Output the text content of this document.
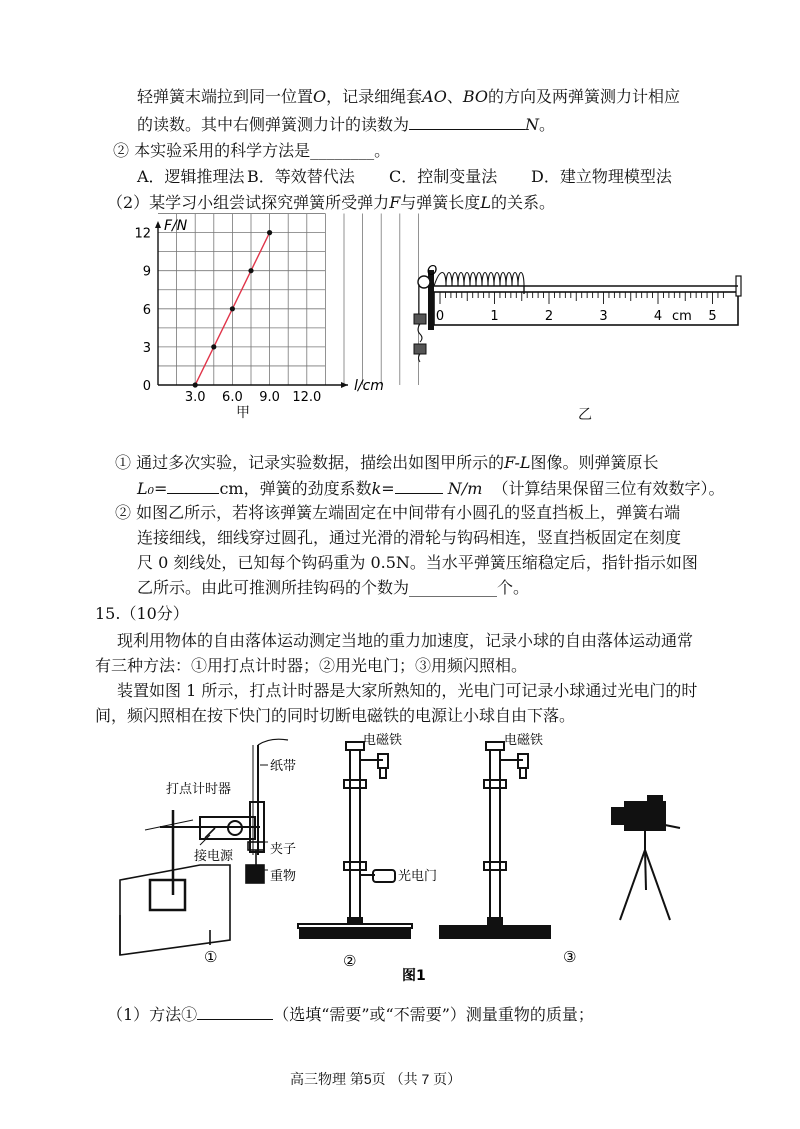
轻弹簧末端拉到同一位置O，记录细绳套AO、BO的方向及两弹簧测力计相应
的读数。其中右侧弹簧测力计的读数为	N。
② 本实验采用的科学方法是________。
A．逻辑推理法 B．等效替代法 C．控制变量法 D．建立物理模型法
（2）某学习小组尝试探究弹簧所受弹力F与弹簧长度L的关系。
0
3
6
9
12
3.0 6.0 9.0 12.0
F/N
l/cm
甲
0	1	2	3	4	5
O
cm
乙
① 通过多次实验，记录实验数据，描绘出如图甲所示的F-L图像。则弹簧原长
L₀=	cm，弹簧的劲度系数k=	N/m （计算结果保留三位有效数字）。
② 如图乙所示，若将该弹簧左端固定在中间带有小圆孔的竖直挡板上，弹簧右端
连接细线，细线穿过圆孔，通过光滑的滑轮与钩码相连，竖直挡板固定在刻度
尺 0 刻线处，已知每个钩码重为 0.5N。当水平弹簧压缩稳定后，指针指示如图
乙所示。由此可推测所挂钩码的个数为___________个。
15.（10分）
现利用物体的自由落体运动测定当地的重力加速度，记录小球的自由落体运动通常
有三种方法：①用打点计时器；②用光电门；③用频闪照相。
装置如图 1 所示，打点计时器是大家所熟知的，光电门可记录小球通过光电门的时
间，频闪照相在按下快门的同时切断电磁铁的电源让小球自由下落。
打点计时器
纸带
接电源	夹子
重物
①
电磁铁
光电门
②
电磁铁
③
图1
（1）方法①	（选填“需要”或“不需要”）测量重物的质量；
高三物理 第5页 （共 7 页）
